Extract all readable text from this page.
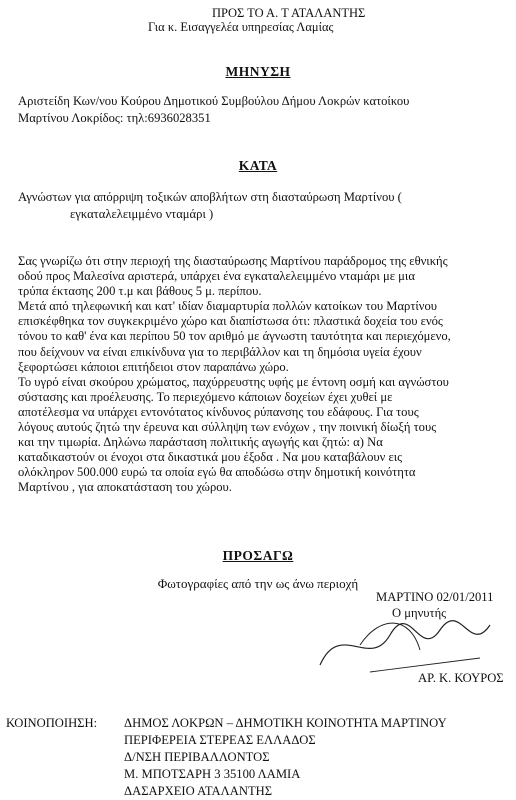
ΠΡΟΣ ΤΟ Α. Τ ΑΤΑΛΑΝΤΗΣ
Για κ. Εισαγγελέα υπηρεσίας Λαμίας
ΜΗΝΥΣΗ
Αριστείδη Κων/νου Κούρου Δημοτικού Συμβούλου Δήμου Λοκρών κατοίκου
Μαρτίνου Λοκρίδος: τηλ:6936028351
ΚΑΤΑ
Αγνώστων για απόρριψη τοξικών αποβλήτων στη διασταύρωση Μαρτίνου (
εγκαταλελειμμένο νταμάρι )
Σας γνωρίζω ότι στην περιοχή της διασταύρωσης Μαρτίνου παράδρομος της εθνικής
οδού προς Μαλεσίνα αριστερά, υπάρχει ένα εγκαταλελειμμένο νταμάρι με μια
τρύπα έκτασης 200 τ.μ και βάθους 5 μ. περίπου.
Μετά από τηλεφωνική και κατ' ιδίαν διαμαρτυρία πολλών κατοίκων του Μαρτίνου
επισκέφθηκα τον συγκεκριμένο χώρο και διαπίστωσα ότι: πλαστικά δοχεία του ενός
τόνου το καθ' ένα και περίπου 50 τον αριθμό με άγνωστη ταυτότητα και περιεχόμενο,
που δείχνουν να είναι επικίνδυνα για το περιβάλλον και τη δημόσια υγεία έχουν
ξεφορτώσει κάποιοι επιτήδειοι στον παραπάνω χώρο.
Το υγρό είναι σκούρου χρώματος, παχύρρευστης υφής με έντονη οσμή και αγνώστου
σύστασης και προέλευσης. Το περιεχόμενο κάποιων δοχείων έχει χυθεί με
αποτέλεσμα να υπάρχει εντονότατος κίνδυνος ρύπανσης του εδάφους. Για τους
λόγους αυτούς ζητώ την έρευνα και σύλληψη των ενόχων , την ποινική δίωξή τους
και την τιμωρία. Δηλώνω παράσταση πολιτικής αγωγής και ζητώ: α) Να
καταδικαστούν οι ένοχοι στα δικαστικά μου έξοδα . Να μου καταβάλουν εις
ολόκληρον 500.000 ευρώ τα οποία εγώ θα αποδώσω στην δημοτική κοινότητα
Μαρτίνου , για αποκατάσταση του χώρου.
ΠΡΟΣΑΓΩ
Φωτογραφίες από την ως άνω περιοχή
ΜΑΡΤΙΝΟ 02/01/2011
Ο μηνυτής
ΑΡ. Κ. ΚΟΥΡΟΣ
ΚΟΙΝΟΠΟΙΗΣΗ: ΔΗΜΟΣ ΛΟΚΡΩΝ – ΔΗΜΟΤΙΚΗ ΚΟΙΝΟΤΗΤΑ ΜΑΡΤΙΝΟΥ
ΠΕΡΙΦΕΡΕΙΑ ΣΤΕΡΕΑΣ ΕΛΛΑΔΟΣ
Δ/ΝΣΗ ΠΕΡΙΒΑΛΛΟΝΤΟΣ
Μ. ΜΠΟΤΣΑΡΗ 3 35100 ΛΑΜΙΑ
ΔΑΣΑΡΧΕΙΟ ΑΤΑΛΑΝΤΗΣ
